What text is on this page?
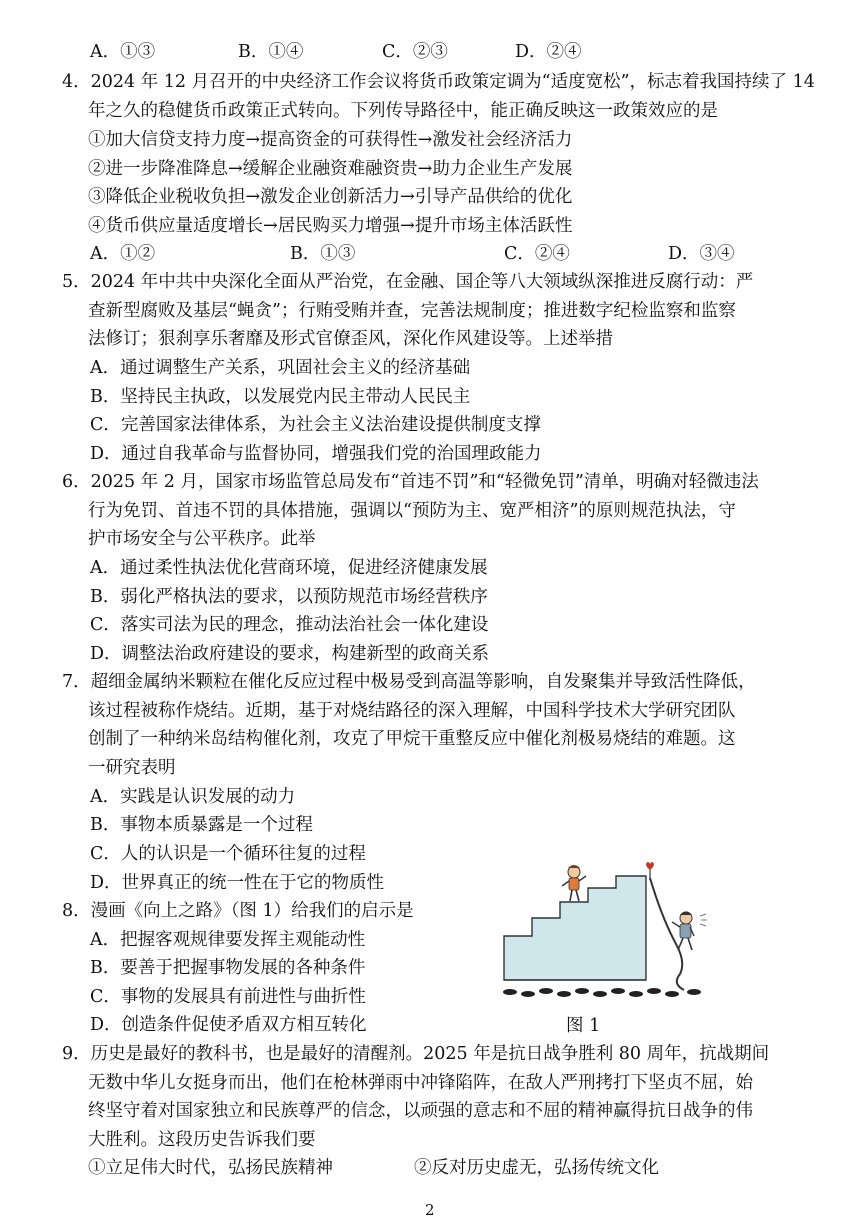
A．①③	B．①④	C．②③	D．②④
4．2024 年 12 月召开的中央经济工作会议将货币政策定调为“适度宽松”，标志着我国持续了 14
年之久的稳健货币政策正式转向。下列传导路径中，能正确反映这一政策效应的是
①加大信贷支持力度→提高资金的可获得性→激发社会经济活力
②进一步降准降息→缓解企业融资难融资贵→助力企业生产发展
③降低企业税收负担→激发企业创新活力→引导产品供给的优化
④货币供应量适度增长→居民购买力增强→提升市场主体活跃性
A．①②	B．①③	C．②④	D．③④
5．2024 年中共中央深化全面从严治党，在金融、国企等八大领域纵深推进反腐行动：严
查新型腐败及基层“蝇贪”；行贿受贿并查，完善法规制度；推进数字纪检监察和监察
法修订；狠刹享乐奢靡及形式官僚歪风，深化作风建设等。上述举措
A．通过调整生产关系，巩固社会主义的经济基础
B．坚持民主执政，以发展党内民主带动人民民主
C．完善国家法律体系，为社会主义法治建设提供制度支撑
D．通过自我革命与监督协同，增强我们党的治国理政能力
6．2025 年 2 月，国家市场监管总局发布“首违不罚”和“轻微免罚”清单，明确对轻微违法
行为免罚、首违不罚的具体措施，强调以“预防为主、宽严相济”的原则规范执法，守
护市场安全与公平秩序。此举
A．通过柔性执法优化营商环境，促进经济健康发展
B．弱化严格执法的要求，以预防规范市场经营秩序
C．落实司法为民的理念，推动法治社会一体化建设
D．调整法治政府建设的要求，构建新型的政商关系
7．超细金属纳米颗粒在催化反应过程中极易受到高温等影响，自发聚集并导致活性降低，
该过程被称作烧结。近期，基于对烧结路径的深入理解，中国科学技术大学研究团队
创制了一种纳米岛结构催化剂，攻克了甲烷干重整反应中催化剂极易烧结的难题。这
一研究表明
A．实践是认识发展的动力
B．事物本质暴露是一个过程
C．人的认识是一个循环往复的过程
D．世界真正的统一性在于它的物质性
8．漫画《向上之路》（图 1）给我们的启示是
A．把握客观规律要发挥主观能动性
B．要善于把握事物发展的各种条件
C．事物的发展具有前进性与曲折性
D．创造条件促使矛盾双方相互转化	图 1
9．历史是最好的教科书，也是最好的清醒剂。2025 年是抗日战争胜利 80 周年，抗战期间
无数中华儿女挺身而出，他们在枪林弹雨中冲锋陷阵，在敌人严刑拷打下坚贞不屈，始
终坚守着对国家独立和民族尊严的信念，以顽强的意志和不屈的精神赢得抗日战争的伟
大胜利。这段历史告诉我们要
①立足伟大时代，弘扬民族精神	②反对历史虚无，弘扬传统文化
2
